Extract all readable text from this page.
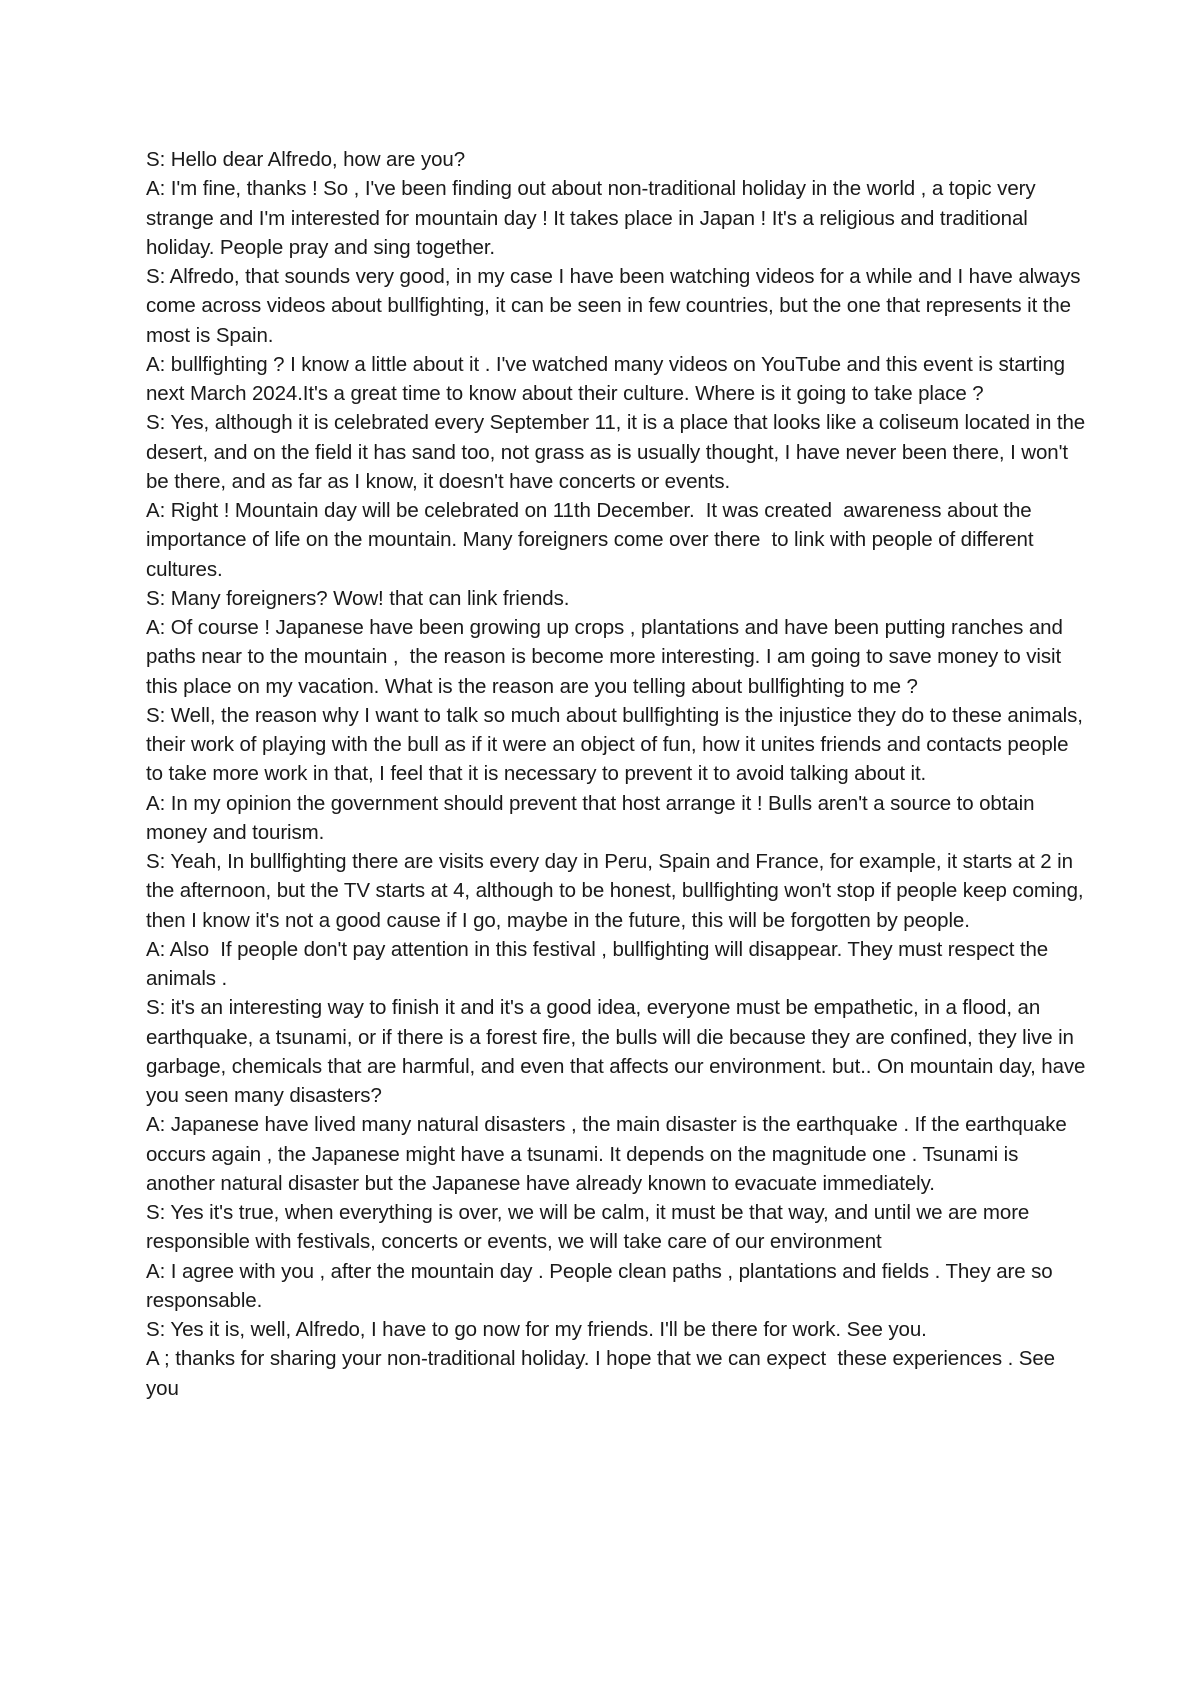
S: Hello dear Alfredo, how are you?

A: I'm fine, thanks ! So , I've been finding out about non-traditional holiday in the world , a topic very strange and I'm interested for mountain day ! It takes place in Japan ! It's a religious and traditional holiday. People pray and sing together.

S: Alfredo, that sounds very good, in my case I have been watching videos for a while and I have always come across videos about bullfighting, it can be seen in few countries, but the one that represents it the most is Spain.

A: bullfighting ? I know a little about it . I've watched many videos on YouTube and this event is starting next March 2024.It's a great time to know about their culture. Where is it going to take place ?

S: Yes, although it is celebrated every September 11, it is a place that looks like a coliseum located in the desert, and on the field it has sand too, not grass as is usually thought, I have never been there, I won't be there, and as far as I know, it doesn't have concerts or events.

A: Right ! Mountain day will be celebrated on 11th December.  It was created  awareness about the importance of life on the mountain. Many foreigners come over there  to link with people of different cultures.

S: Many foreigners? Wow! that can link friends.

A: Of course ! Japanese have been growing up crops , plantations and have been putting ranches and paths near to the mountain ,  the reason is become more interesting. I am going to save money to visit this place on my vacation. What is the reason are you telling about bullfighting to me ?

S: Well, the reason why I want to talk so much about bullfighting is the injustice they do to these animals, their work of playing with the bull as if it were an object of fun, how it unites friends and contacts people to take more work in that, I feel that it is necessary to prevent it to avoid talking about it.

A: In my opinion the government should prevent that host arrange it ! Bulls aren't a source to obtain money and tourism.

S: Yeah, In bullfighting there are visits every day in Peru, Spain and France, for example, it starts at 2 in the afternoon, but the TV starts at 4, although to be honest, bullfighting won't stop if people keep coming, then I know it's not a good cause if I go, maybe in the future, this will be forgotten by people.

A: Also  If people don't pay attention in this festival , bullfighting will disappear. They must respect the animals .

S: it's an interesting way to finish it and it's a good idea, everyone must be empathetic, in a flood, an earthquake, a tsunami, or if there is a forest fire, the bulls will die because they are confined, they live in garbage, chemicals that are harmful, and even that affects our environment. but.. On mountain day, have you seen many disasters?

A: Japanese have lived many natural disasters , the main disaster is the earthquake . If the earthquake occurs again , the Japanese might have a tsunami. It depends on the magnitude one . Tsunami is another natural disaster but the Japanese have already known to evacuate immediately.

S: Yes it's true, when everything is over, we will be calm, it must be that way, and until we are more responsible with festivals, concerts or events, we will take care of our environment

A: I agree with you , after the mountain day . People clean paths , plantations and fields . They are so responsable.

S: Yes it is, well, Alfredo, I have to go now for my friends. I'll be there for work. See you.

A ; thanks for sharing your non-traditional holiday. I hope that we can expect  these experiences . See you
